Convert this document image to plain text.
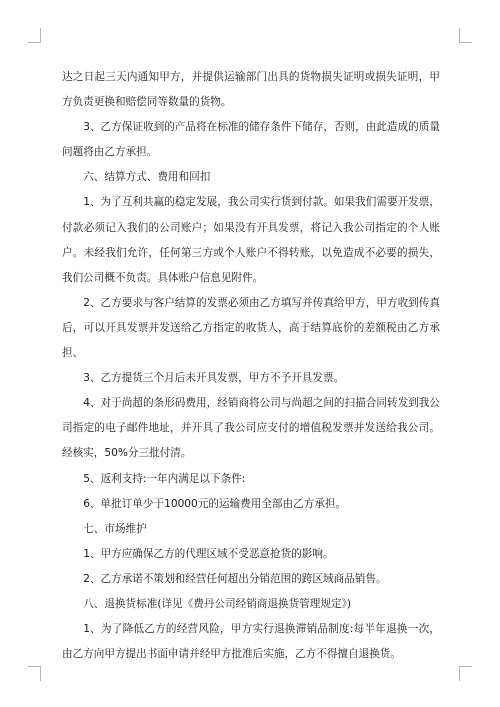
达之日起三天内通知甲方，并提供运输部门出具的货物损失证明或损失证明，甲方负责更换和赔偿同等数量的货物。

3、乙方保证收到的产品将在标准的储存条件下储存，否则，由此造成的质量问题将由乙方承担。

六、结算方式、费用和回扣

1、为了互利共赢的稳定发展，我公司实行货到付款。如果我们需要开发票，付款必须记入我们的公司账户；如果没有开具发票，将记入我公司指定的个人账户。未经我们允许，任何第三方或个人账户不得转账，以免造成不必要的损失，我们公司概不负责。具体账户信息见附件。

2、乙方要求与客户结算的发票必须由乙方填写并传真给甲方，甲方收到传真后，可以开具发票并发送给乙方指定的收货人，高于结算底价的差额税由乙方承担、

3、乙方提货三个月后未开具发票，甲方不予开具发票。

4、对于尚超的条形码费用，经销商将公司与尚超之间的扫描合同转发到我公司指定的电子邮件地址，并开具了我公司应支付的增值税发票并发送给我公司。经核实，50%分三批付清。

5、返利支持:一年内满足以下条件:

6、单批订单少于10000元的运输费用全部由乙方承担。

七、市场维护

1、甲方应确保乙方的代理区域不受恶意抢货的影响。

2、乙方承诺不策划和经营任何超出分销范围的跨区域商品销售。

八、退换货标准(详见《费丹公司经销商退换货管理规定》)

1、为了降低乙方的经营风险，甲方实行退换滞销品制度:每半年退换一次，由乙方向甲方提出书面申请并经甲方批准后实施，乙方不得擅自退换货。
